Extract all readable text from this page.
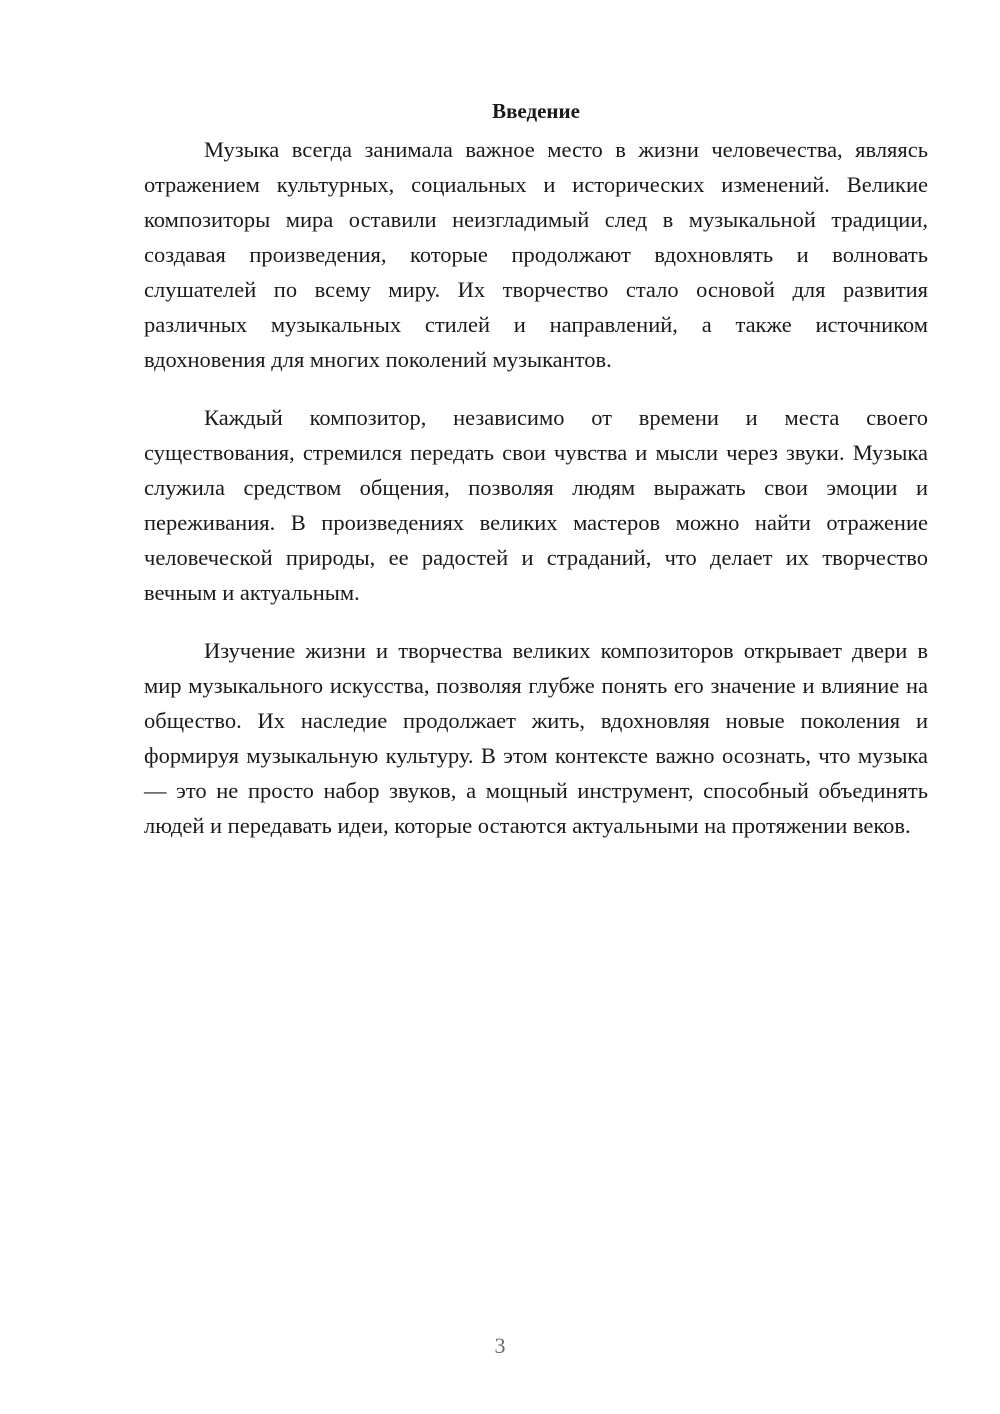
Введение

Музыка всегда занимала важное место в жизни человечества, являясь отражением культурных, социальных и исторических изменений. Великие композиторы мира оставили неизгладимый след в музыкальной традиции, создавая произведения, которые продолжают вдохновлять и волновать слушателей по всему миру. Их творчество стало основой для развития различных музыкальных стилей и направлений, а также источником вдохновения для многих поколений музыкантов.

Каждый композитор, независимо от времени и места своего существования, стремился передать свои чувства и мысли через звуки. Музыка служила средством общения, позволяя людям выражать свои эмоции и переживания. В произведениях великих мастеров можно найти отражение человеческой природы, ее радостей и страданий, что делает их творчество вечным и актуальным.

Изучение жизни и творчества великих композиторов открывает двери в мир музыкального искусства, позволяя глубже понять его значение и влияние на общество. Их наследие продолжает жить, вдохновляя новые поколения и формируя музыкальную культуру. В этом контексте важно осознать, что музыка — это не просто набор звуков, а мощный инструмент, способный объединять людей и передавать идеи, которые остаются актуальными на протяжении веков.

3
